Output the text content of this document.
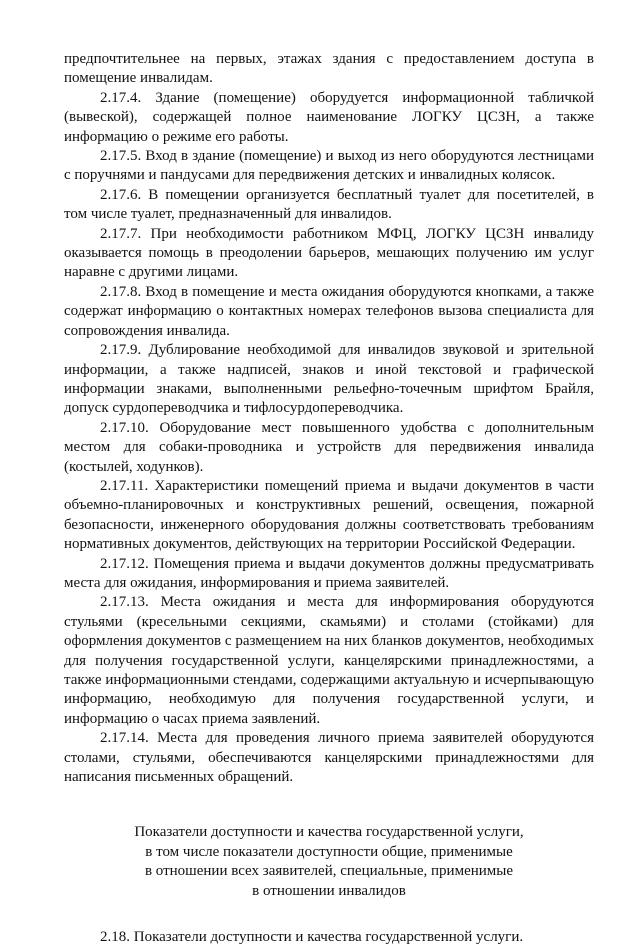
предпочтительнее на первых, этажах здания с предоставлением доступа в помещение инвалидам.

2.17.4. Здание (помещение) оборудуется информационной табличкой (вывеской), содержащей полное наименование ЛОГКУ ЦСЗН, а также информацию о режиме его работы.

2.17.5. Вход в здание (помещение) и выход из него оборудуются лестницами с поручнями и пандусами для передвижения детских и инвалидных колясок.

2.17.6. В помещении организуется бесплатный туалет для посетителей, в том числе туалет, предназначенный для инвалидов.

2.17.7. При необходимости работником МФЦ, ЛОГКУ ЦСЗН инвалиду оказывается помощь в преодолении барьеров, мешающих получению им услуг наравне с другими лицами.

2.17.8. Вход в помещение и места ожидания оборудуются кнопками, а также содержат информацию о контактных номерах телефонов вызова специалиста для сопровождения инвалида.

2.17.9. Дублирование необходимой для инвалидов звуковой и зрительной информации, а также надписей, знаков и иной текстовой и графической информации знаками, выполненными рельефно-точечным шрифтом Брайля, допуск сурдопереводчика и тифлосурдопереводчика.

2.17.10. Оборудование мест повышенного удобства с дополнительным местом для собаки-проводника и устройств для передвижения инвалида (костылей, ходунков).

2.17.11. Характеристики помещений приема и выдачи документов в части объемно-планировочных и конструктивных решений, освещения, пожарной безопасности, инженерного оборудования должны соответствовать требованиям нормативных документов, действующих на территории Российской Федерации.

2.17.12. Помещения приема и выдачи документов должны предусматривать места для ожидания, информирования и приема заявителей.

2.17.13. Места ожидания и места для информирования оборудуются стульями (кресельными секциями, скамьями) и столами (стойками) для оформления документов с размещением на них бланков документов, необходимых для получения государственной услуги, канцелярскими принадлежностями, а также информационными стендами, содержащими актуальную и исчерпывающую информацию, необходимую для получения государственной услуги, и информацию о часах приема заявлений.

2.17.14. Места для проведения личного приема заявителей оборудуются столами, стульями, обеспечиваются канцелярскими принадлежностями для написания письменных обращений.

Показатели доступности и качества государственной услуги,
в том числе показатели доступности общие, применимые
в отношении всех заявителей, специальные, применимые
в отношении инвалидов

2.18. Показатели доступности и качества государственной услуги.
